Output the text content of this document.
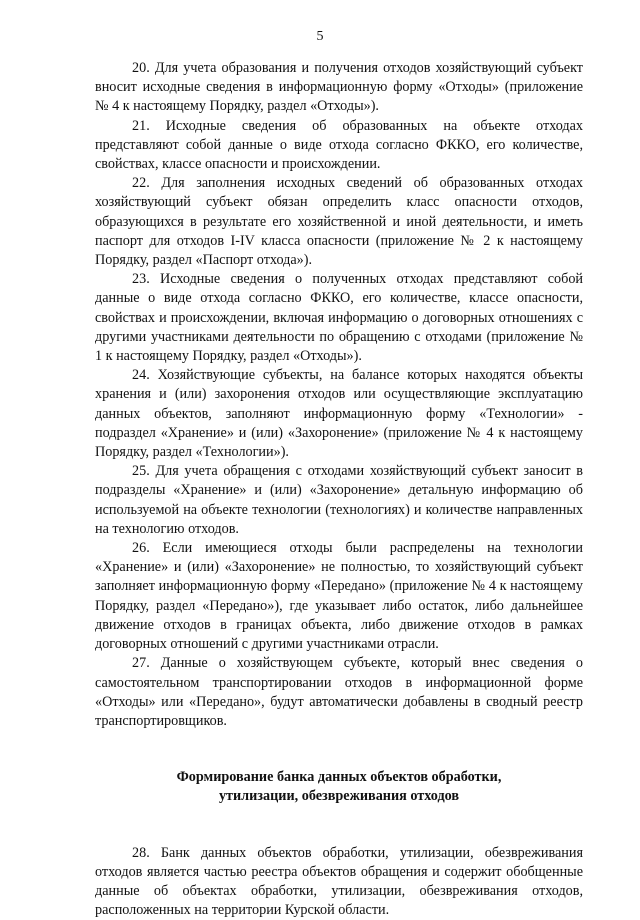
5

20. Для учета образования и получения отходов хозяйствующий субъект вносит исходные сведения в информационную форму «Отходы» (приложение № 4 к настоящему Порядку, раздел «Отходы»).

21. Исходные сведения об образованных на объекте отходах представляют собой данные о виде отхода согласно ФККО, его количестве, свойствах, классе опасности и происхождении.

22. Для заполнения исходных сведений об образованных отходах хозяйствующий субъект обязан определить класс опасности отходов, образующихся в результате его хозяйственной и иной деятельности, и иметь паспорт для отходов I-IV класса опасности (приложение № 2 к настоящему Порядку, раздел «Паспорт отхода»).

23. Исходные сведения о полученных отходах представляют собой данные о виде отхода согласно ФККО, его количестве, классе опасности, свойствах и происхождении, включая информацию о договорных отношениях с другими участниками деятельности по обращению с отходами (приложение № 1 к настоящему Порядку, раздел «Отходы»).

24. Хозяйствующие субъекты, на балансе которых находятся объекты хранения и (или) захоронения отходов или осуществляющие эксплуатацию данных объектов, заполняют информационную форму «Технологии» - подраздел «Хранение» и (или) «Захоронение» (приложение № 4 к настоящему Порядку, раздел «Технологии»).

25. Для учета обращения с отходами хозяйствующий субъект заносит в подразделы «Хранение» и (или) «Захоронение» детальную информацию об используемой на объекте технологии (технологиях) и количестве направленных на технологию отходов.

26. Если имеющиеся отходы были распределены на технологии «Хранение» и (или) «Захоронение» не полностью, то хозяйствующий субъект заполняет информационную форму «Передано» (приложение № 4 к настоящему Порядку, раздел «Передано»), где указывает либо остаток, либо дальнейшее движение отходов в границах объекта, либо движение отходов в рамках договорных отношений с другими участниками отрасли.

27. Данные о хозяйствующем субъекте, который внес сведения о самостоятельном транспортировании отходов в информационной форме «Отходы» или «Передано», будут автоматически добавлены в сводный реестр транспортировщиков.

Формирование банка данных объектов обработки,
утилизации, обезвреживания отходов

28. Банк данных объектов обработки, утилизации, обезвреживания отходов является частью реестра объектов обращения и содержит обобщенные данные об объектах обработки, утилизации, обезвреживания отходов, расположенных на территории Курской области.
